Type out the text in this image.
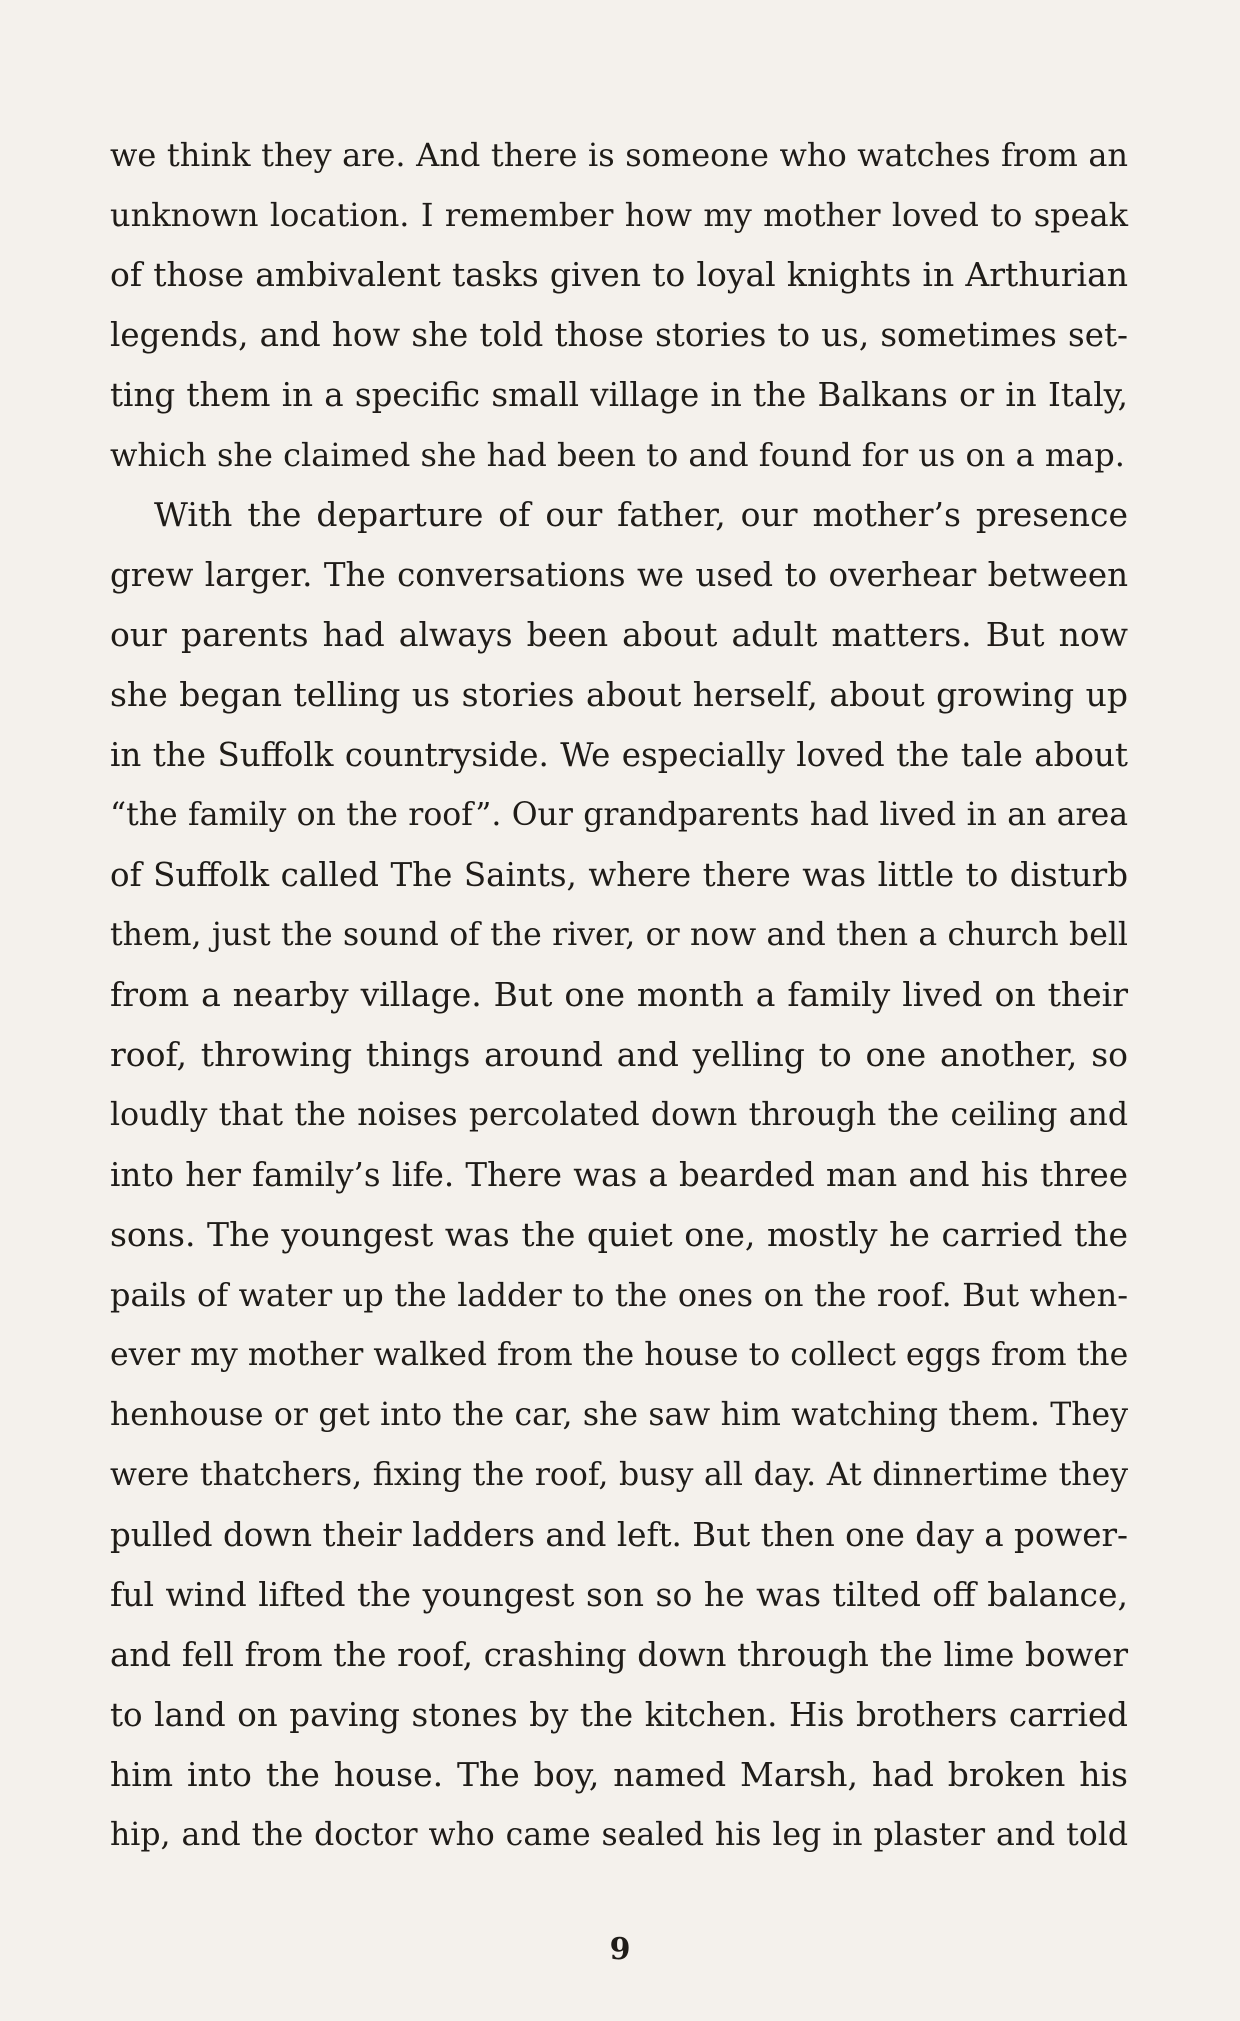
we think they are. And there is someone who watches from an
unknown location. I remember how my mother loved to speak
of those ambivalent tasks given to loyal knights in Arthurian
legends, and how she told those stories to us, sometimes set-
ting them in a specific small village in the Balkans or in Italy,
which she claimed she had been to and found for us on a map.
With the departure of our father, our mother’s presence
grew larger. The conversations we used to overhear between
our parents had always been about adult matters. But now
she began telling us stories about herself, about growing up
in the Suffolk countryside. We especially loved the tale about
“the family on the roof”. Our grandparents had lived in an area
of Suffolk called The Saints, where there was little to disturb
them, just the sound of the river, or now and then a church bell
from a nearby village. But one month a family lived on their
roof, throwing things around and yelling to one another, so
loudly that the noises percolated down through the ceiling and
into her family’s life. There was a bearded man and his three
sons. The youngest was the quiet one, mostly he carried the
pails of water up the ladder to the ones on the roof. But when-
ever my mother walked from the house to collect eggs from the
henhouse or get into the car, she saw him watching them. They
were thatchers, fixing the roof, busy all day. At dinnertime they
pulled down their ladders and left. But then one day a power-
ful wind lifted the youngest son so he was tilted off balance,
and fell from the roof, crashing down through the lime bower
to land on paving stones by the kitchen. His brothers carried
him into the house. The boy, named Marsh, had broken his
hip, and the doctor who came sealed his leg in plaster and told
9
